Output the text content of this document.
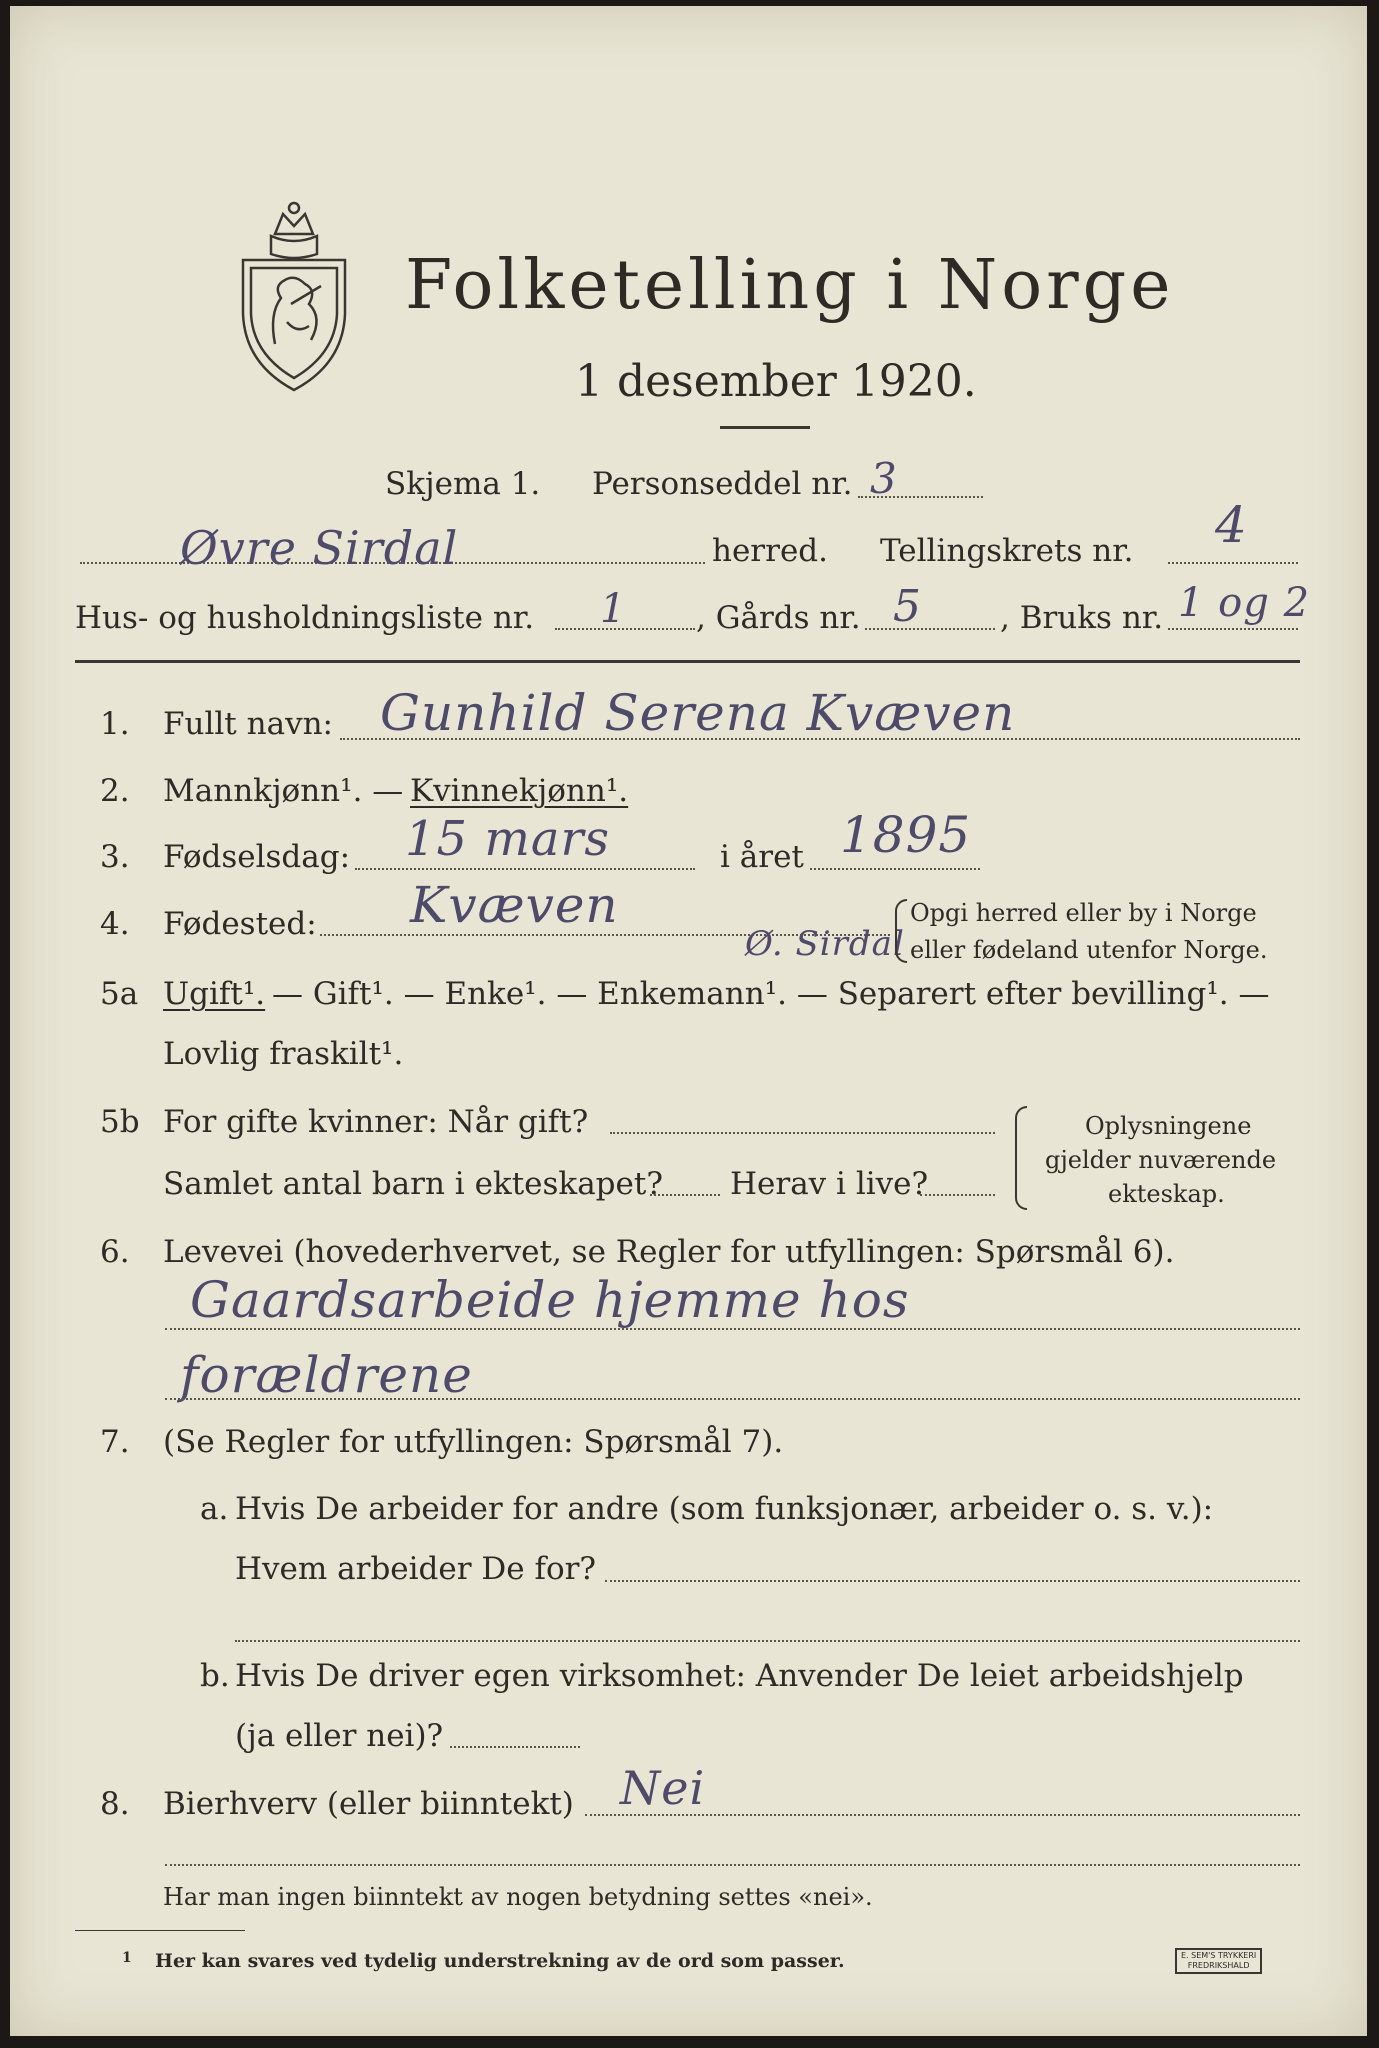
Folketelling i Norge
1 desember 1920.
Skjema 1. Personseddel nr. 3
Øvre Sirdal	herred. Tellingskrets nr. 4
Hus- og husholdningsliste nr. 1 , Gårds nr. 5	, Bruks nr. 1 og 2
1. Fullt navn: Gunhild Serena Kvæven
2. Mannkjønn¹. — Kvinnekjønn¹.
3. Fødselsdag: 15 mars	i året 1895
4. Fødested: Kvæven
Ø. Sirdal
Opgi herred eller by i Norge
eller fødeland utenfor Norge.
5a Ugift¹. — Gift¹. — Enke¹. — Enkemann¹. — Separert efter bevilling¹. —
Lovlig fraskilt¹.
5b For gifte kvinner: Når gift?
Samlet antal barn i ekteskapet? Herav i live?
Oplysningene
gjelder nuværende
ekteskap.
6. Levevei (hovederhvervet, se Regler for utfyllingen: Spørsmål 6).
Gaardsarbeide hjemme hos
forældrene
7. (Se Regler for utfyllingen: Spørsmål 7).
a. Hvis De arbeider for andre (som funksjonær, arbeider o. s. v.):
Hvem arbeider De for?
b. Hvis De driver egen virksomhet: Anvender De leiet arbeidshjelp
(ja eller nei)?
8. Bierhverv (eller biinntekt) Nei
Har man ingen biinntekt av nogen betydning settes «nei».
1 Her kan svares ved tydelig understrekning av de ord som passer.	E. SEM'S TRYKKERI
FREDRIKSHALD
